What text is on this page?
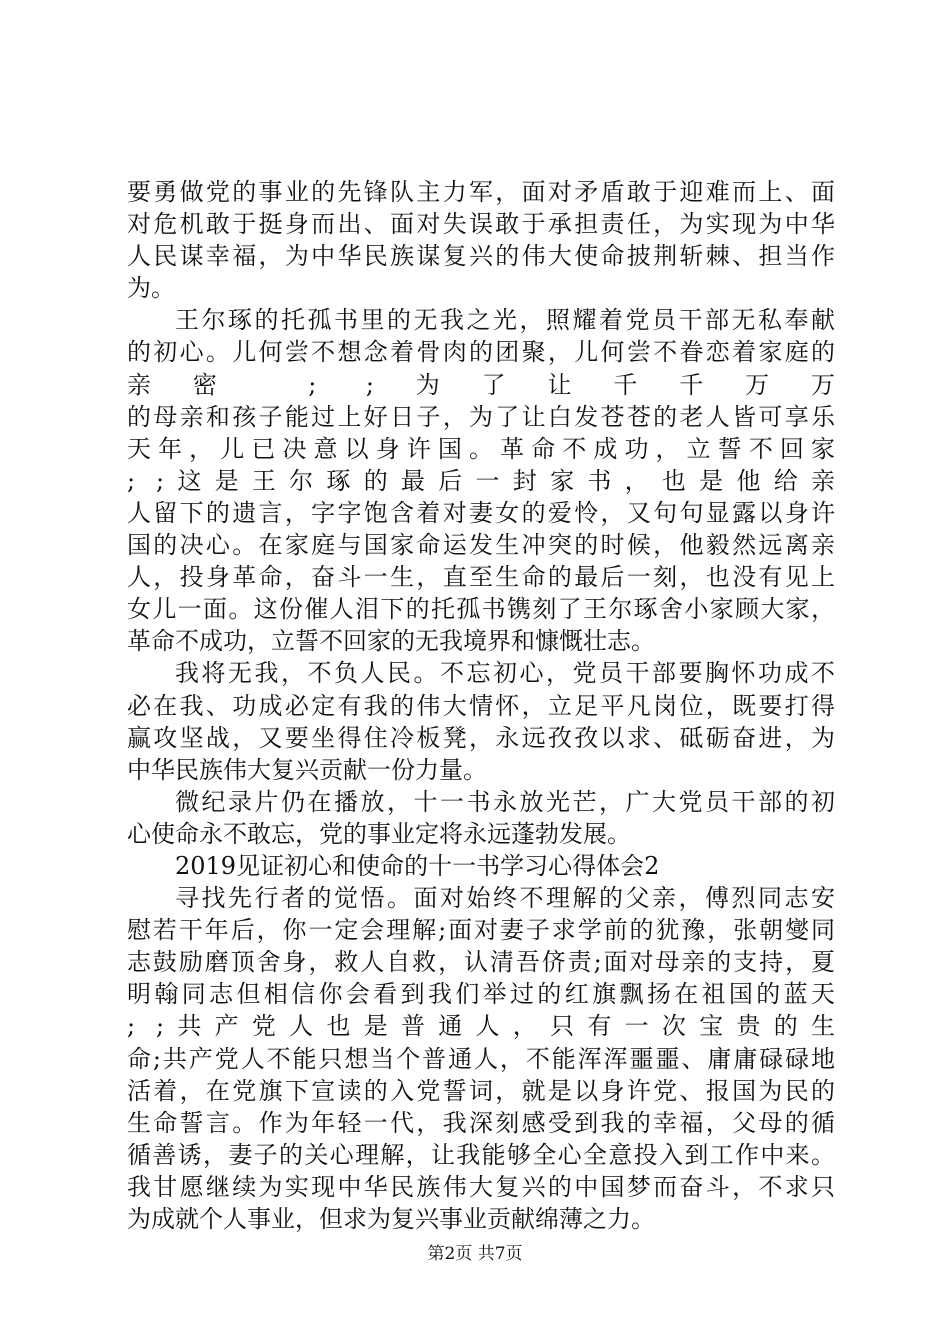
要勇做党的事业的先锋队主力军，面对矛盾敢于迎难而上、面
对危机敢于挺身而出、面对失误敢于承担责任，为实现为中华
人民谋幸福，为中华民族谋复兴的伟大使命披荆斩棘、担当作
为。
王尔琢的托孤书里的无我之光，照耀着党员干部无私奉献
的初心。儿何尝不想念着骨肉的团聚，儿何尝不眷恋着家庭的
亲密 ; ;为了让千千万万
的母亲和孩子能过上好日子，为了让白发苍苍的老人皆可享乐
天年，儿已决意以身许国。革命不成功，立誓不回家
; ;这是王尔琢的最后一封家书，也是他给亲
人留下的遗言，字字饱含着对妻女的爱怜，又句句显露以身许
国的决心。在家庭与国家命运发生冲突的时候，他毅然远离亲
人，投身革命，奋斗一生，直至生命的最后一刻，也没有见上
女儿一面。这份催人泪下的托孤书镌刻了王尔琢舍小家顾大家，
革命不成功，立誓不回家的无我境界和慷慨壮志。
我将无我，不负人民。不忘初心，党员干部要胸怀功成不
必在我、功成必定有我的伟大情怀，立足平凡岗位，既要打得
赢攻坚战，又要坐得住冷板凳，永远孜孜以求、砥砺奋进，为
中华民族伟大复兴贡献一份力量。
微纪录片仍在播放，十一书永放光芒，广大党员干部的初
心使命永不敢忘，党的事业定将永远蓬勃发展。
2019见证初心和使命的十一书学习心得体会2
寻找先行者的觉悟。面对始终不理解的父亲，傅烈同志安
慰若干年后，你一定会理解;面对妻子求学前的犹豫，张朝燮同
志鼓励磨顶舍身，救人自救，认清吾侪责;面对母亲的支持，夏
明翰同志但相信你会看到我们举过的红旗飘扬在祖国的蓝天
; ;共产党人也是普通人，只有一次宝贵的生
命;共产党人不能只想当个普通人，不能浑浑噩噩、庸庸碌碌地
活着，在党旗下宣读的入党誓词，就是以身许党、报国为民的
生命誓言。作为年轻一代，我深刻感受到我的幸福，父母的循
循善诱，妻子的关心理解，让我能够全心全意投入到工作中来。
我甘愿继续为实现中华民族伟大复兴的中国梦而奋斗，不求只
为成就个人事业，但求为复兴事业贡献绵薄之力。
第2页 共7页
